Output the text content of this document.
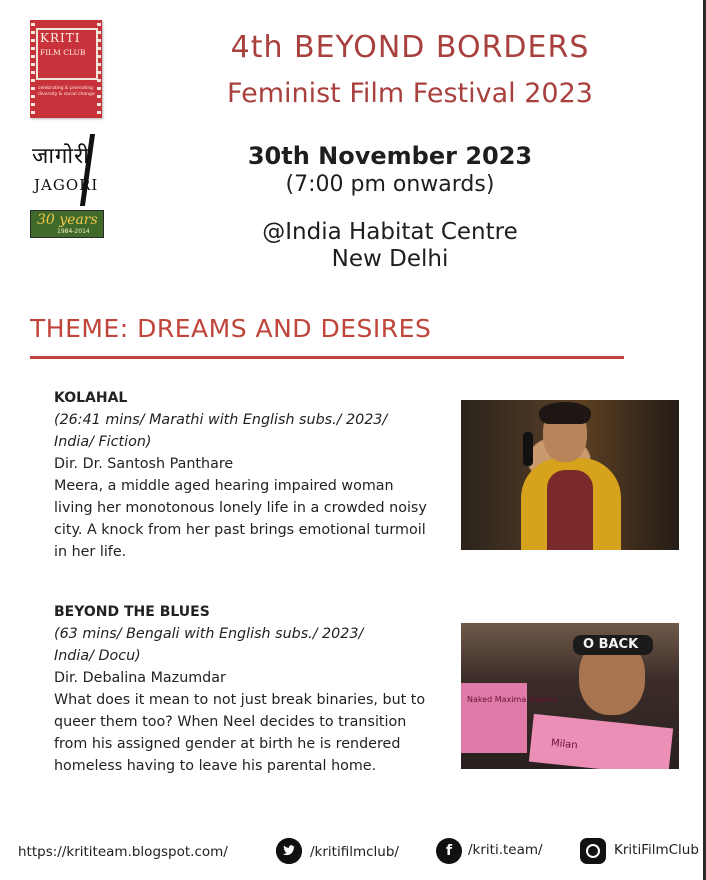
KRITI
FILM CLUB
celebrating & promoting diversity & social change
जागोरी
JAGORI
30 years
1984-2014
4th BEYOND BORDERS
Feminist Film Festival 2023
30th November 2023
(7:00 pm onwards)
@India Habitat Centre
New Delhi
THEME: DREAMS AND DESIRES
KOLAHAL
(26:41 mins/ Marathi with English subs./ 2023/
India/ Fiction)
Dir. Dr. Santosh Panthare
Meera, a middle aged hearing impaired woman
living her monotonous lonely life in a crowded noisy
city. A knock from her past brings emotional turmoil
in her life.
BEYOND THE BLUES
(63 mins/ Bengali with English subs./ 2023/
India/ Docu)
Dir. Debalina Mazumdar
What does it mean to not just break binaries, but to
queer them too? When Neel decides to transition
from his assigned gender at birth he is rendered
homeless having to leave his parental home.
Naked Maxima Queers
Milan
O BACK
https://krititeam.blogspot.com/	/kritifilmclub/	f	/kriti.team/	KritiFilmClub
